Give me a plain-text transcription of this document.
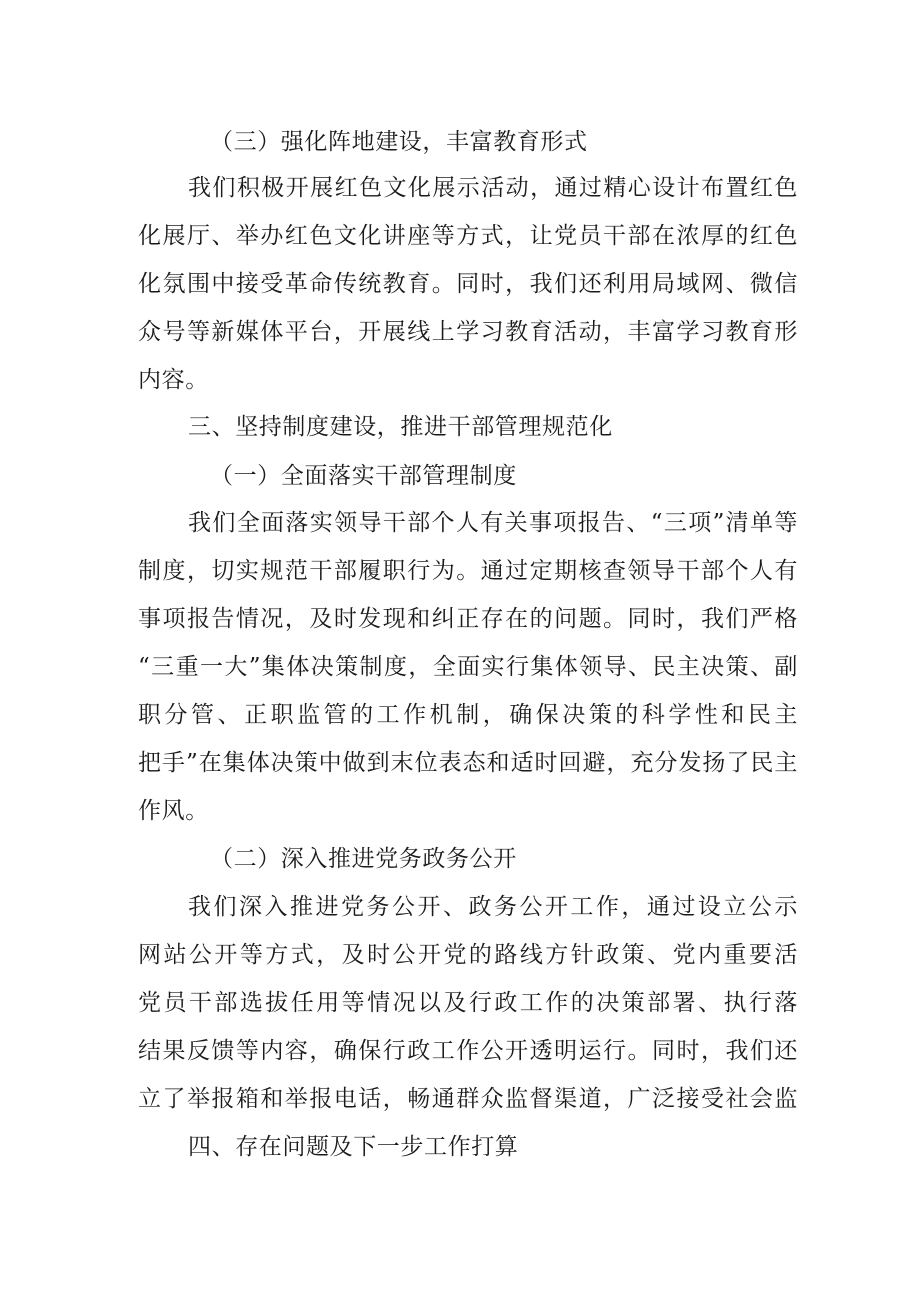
（三）强化阵地建设，丰富教育形式
我们积极开展红色文化展示活动，通过精心设计布置红色
化展厅、举办红色文化讲座等方式，让党员干部在浓厚的红色
化氛围中接受革命传统教育。同时，我们还利用局域网、微信
众号等新媒体平台，开展线上学习教育活动，丰富学习教育形
内容。
三、坚持制度建设，推进干部管理规范化
（一）全面落实干部管理制度
我们全面落实领导干部个人有关事项报告、“三项”清单等
制度，切实规范干部履职行为。通过定期核查领导干部个人有
事项报告情况，及时发现和纠正存在的问题。同时，我们严格
“三重一大”集体决策制度，全面实行集体领导、民主决策、副
职分管、正职监管的工作机制，确保决策的科学性和民主
把手”在集体决策中做到末位表态和适时回避，充分发扬了民主
作风。
（二）深入推进党务政务公开
我们深入推进党务公开、政务公开工作，通过设立公示
网站公开等方式，及时公开党的路线方针政策、党内重要活
党员干部选拔任用等情况以及行政工作的决策部署、执行落
结果反馈等内容，确保行政工作公开透明运行。同时，我们还
立了举报箱和举报电话，畅通群众监督渠道，广泛接受社会监
四、存在问题及下一步工作打算
